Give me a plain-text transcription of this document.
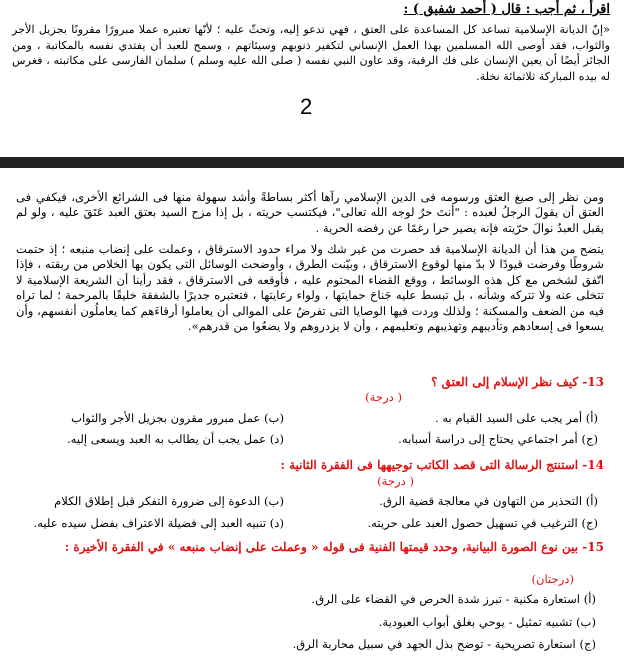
اقرأ ، ثم أجب : قال ( أحمد شفيق ) :
«إنّ الديانة الإسلامية تساعد كل المساعدة على العتق ، فهي تدعو إليه، وتحثّ عليه ؛ لأنّها تعتبره عملا مبرورًا مقرونًا بجزيل الأجر والثواب، فقد أوصى الله المسلمين بهذا العمل الإنساني لتكفير ذنوبهم وسيئاتهم ، وسمح للعبد أن يفتدي نفسه بالمكاتبة ، ومن الجائز أيضًا أن يعين الإنسان على فك الرقبة، وقد عاون النبي نفسه ( صلى الله عليه وسلم ) سلمان الفارسى على مكاتبته ، فغرس له بيده المباركة ثلاثمائة نخلة.
2
ومن نظر إلى صيغ العتق ورسومه فى الدين الإسلامي رآها أكثر بساطةً وأشد سهولة منها فى الشرائع الأخرى، فيكفي فى العتق أن يقولَ الرجلُ لعبده : "أنتَ حرٌ لوجه الله تعالى"، فيكتسب حريته ، بل إذا مزح السيد بعتق العبد عَتَقَ عليه ، ولو لم يقبل العبدُ نوالَ حرّيته فإنه يصير حرا رغمًا عن رفضه الحرية .
يتضح من هذا أن الديانة الإسلامية قد حصرت من غير شك ولا مراء حدود الاسترقاق ، وعملت على إنضاب منبعه ؛ إذ حتمت شروطًا وفرضت قيودًا لا بدّ منها لوقوع الاسترقاق ، وبيّنت الطرق ، وأوضحت الوسائل التى يكون بها الخلاص من ربقته ، فإذا اتّفق لشخص مع كل هذه الوسائط ، ووقع القضاء المحتوم عليه ، فأوقعه فى الاسترقاق ، فقد رأينا أن الشريعة الإسلامية لا تتخلى عنه ولا تتركه وشأنه ، بل تبسط عليه جَناحَ حمايتها ، ولواء رعايتها ، فتعتبره جديرًا بالشفقة خليقًا بالمرحمة ؛ لما تراه فيه من الضعف والمسكنة ؛ ولذلك وردت فيها الوصايا التى تفرضُ على الموالى أن يعاملوا أرقاءَهم كما يعاملُون أنفسهم، وأن يسعوا فى إسعادهم وتأديبهم وتهذيبهم وتعليمهم ، وأن لا يزدروهم ولا يضعُوا من قدرهم».
13- كيف نظر الإسلام إلى العتق ؟
( درجة)
(أ) أمر يجب على السيد القيام به .
(ب) عمل مبرور مقرون بجزيل الأجر والثواب
(ج) أمر اجتماعي يحتاج إلى دراسة أسبابه.
(د) عمل يجب أن يطالب به العبد ويسعى إليه.
14- استنتج الرسالة التى قصد الكاتب توجيهها فى الفقرة الثانية :
( درجة)
(أ) التحذير من التهاون في معالجة قضية الرق.
(ب) الدعوة إلى ضرورة التفكر قبل إطلاق الكلام
(ج) الترغيب في تسهيل حصول العبد على حريته.
(د) تنبيه العبد إلى فضيلة الاعتراف بفضل سيده عليه.
15- بين نوع الصورة البيانية، وحدد قيمتها الفنية فى قوله « وعملت على إنضاب منبعه » في الفقرة الأخيرة :
(درجتان)
(أ) استعارة مكنية - تبرز شدة الحرص في القضاء على الرق.
(ب) تشبيه تمثيل - يوحي بغلق أبواب العبودية.
(ج) استعارة تصريحية - توضح بذل الجهد في سبيل محاربة الرق.
